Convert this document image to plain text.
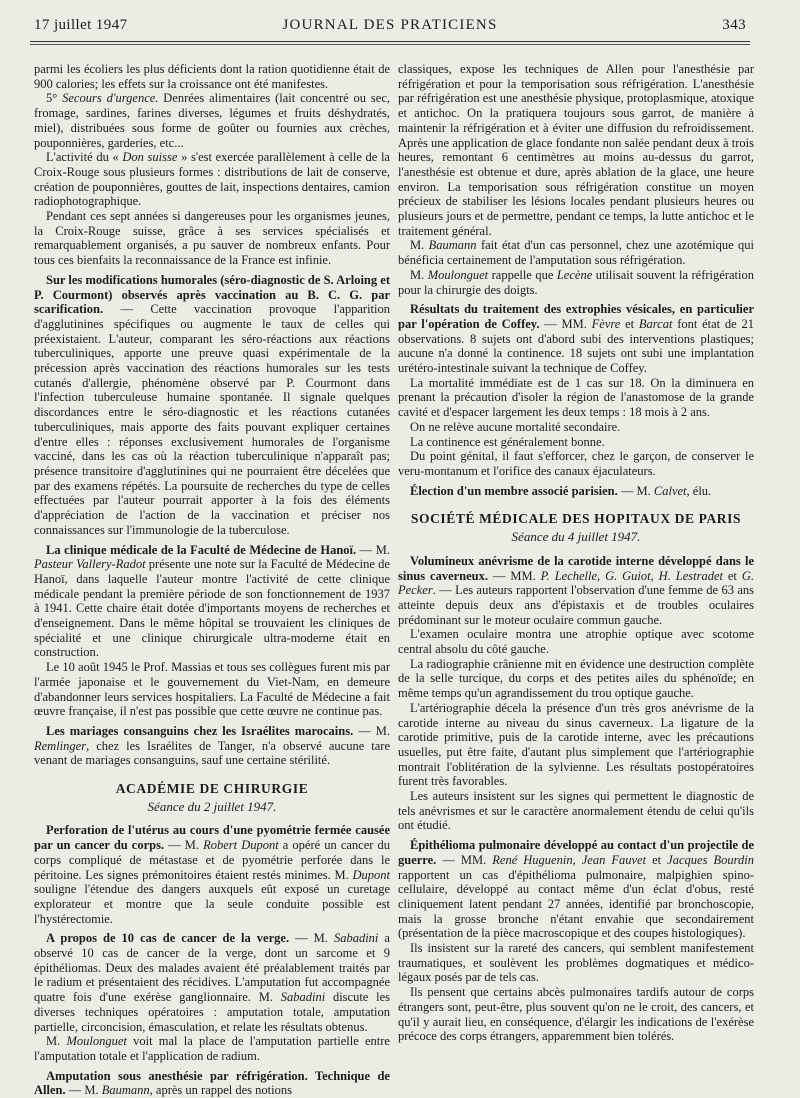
17 juillet 1947	JOURNAL DES PRATICIENS	343

parmi les écoliers les plus déficients dont la ration quotidienne était de 900 calories; les effets sur la croissance ont été manifestes.

5° Secours d'urgence. Denrées alimentaires (lait concentré ou sec, fromage, sardines, farines diverses, légumes et fruits déshydratés, miel), distribuées sous forme de goûter ou fournies aux crèches, pouponnières, garderies, etc...

L'activité du « Don suisse » s'est exercée parallèlement à celle de la Croix-Rouge sous plusieurs formes : distributions de lait de conserve, création de pouponnières, gouttes de lait, inspections dentaires, camion radiophotographique.

Pendant ces sept années si dangereuses pour les organismes jeunes, la Croix-Rouge suisse, grâce à ses services spécialisés et remarquablement organisés, a pu sauver de nombreux enfants. Pour tous ces bienfaits la reconnaissance de la France est infinie.

Sur les modifications humorales (séro-diagnostic de S. Arloing et P. Courmont) observés après vaccination au B. C. G. par scarification. — Cette vaccination provoque l'apparition d'agglutinines spécifiques ou augmente le taux de celles qui préexistaient. L'auteur, comparant les séro-réactions aux réactions tuberculiniques, apporte une preuve quasi expérimentale de la précession après vaccination des réactions humorales sur les tests cutanés d'allergie, phénomène observé par P. Courmont dans l'infection tuberculeuse humaine spontanée. Il signale quelques discordances entre le séro-diagnostic et les réactions cutanées tuberculiniques, mais apporte des faits pouvant expliquer certaines d'entre elles : réponses exclusivement humorales de l'organisme vacciné, dans les cas où la réaction tuberculinique n'apparaît pas; présence transitoire d'agglutinines qui ne pourraient être décelées que par des examens répétés. La poursuite de recherches du type de celles effectuées par l'auteur pourrait apporter à la fois des éléments d'appréciation de l'action de la vaccination et préciser nos connaissances sur l'immunologie de la tuberculose.

La clinique médicale de la Faculté de Médecine de Hanoï. — M. Pasteur Vallery-Radot présente une note sur la Faculté de Médecine de Hanoï, dans laquelle l'auteur montre l'activité de cette clinique médicale pendant la première période de son fonctionnement de 1937 à 1941. Cette chaire était dotée d'importants moyens de recherches et d'enseignement. Dans le même hôpital se trouvaient les cliniques de spécialité et une clinique chirurgicale ultra-moderne était en construction.

Le 10 août 1945 le Prof. Massias et tous ses collègues furent mis par l'armée japonaise et le gouvernement du Viet-Nam, en demeure d'abandonner leurs services hospitaliers. La Faculté de Médecine a fait œuvre française, il n'est pas possible que cette œuvre ne continue pas.

Les mariages consanguins chez les Israélites marocains. — M. Remlinger, chez les Israélites de Tanger, n'a observé aucune tare venant de mariages consanguins, sauf une certaine stérilité.

ACADÉMIE DE CHIRURGIE

Séance du 2 juillet 1947.

Perforation de l'utérus au cours d'une pyométrie fermée causée par un cancer du corps. — M. Robert Dupont a opéré un cancer du corps compliqué de métastase et de pyométrie perforée dans le péritoine. Les signes prémonitoires étaient restés minimes. M. Dupont souligne l'étendue des dangers auxquels eût exposé un curetage explorateur et montre que la seule conduite possible est l'hystérectomie.

A propos de 10 cas de cancer de la verge. — M. Sabadini a observé 10 cas de cancer de la verge, dont un sarcome et 9 épithéliomas. Deux des malades avaient été préalablement traités par le radium et présentaient des récidives. L'amputation fut accompagnée quatre fois d'une exérèse ganglionnaire. M. Sabadini discute les diverses techniques opératoires : amputation totale, amputation partielle, circoncision, émasculation, et relate les résultats obtenus.

M. Moulonguet voit mal la place de l'amputation partielle entre l'amputation totale et l'application de radium.

Amputation sous anesthésie par réfrigération. Technique de Allen. — M. Baumann, après un rappel des notions

classiques, expose les techniques de Allen pour l'anesthésie par réfrigération et pour la temporisation sous réfrigération. L'anesthésie par réfrigération est une anesthésie physique, protoplasmique, atoxique et antichoc. On la pratiquera toujours sous garrot, de manière à maintenir la réfrigération et à éviter une diffusion du refroidissement. Après une application de glace fondante non salée pendant deux à trois heures, remontant 6 centimètres au moins au-dessus du garrot, l'anesthésie est obtenue et dure, après ablation de la glace, une heure environ. La temporisation sous réfrigération constitue un moyen précieux de stabiliser les lésions locales pendant plusieurs heures ou plusieurs jours et de permettre, pendant ce temps, la lutte antichoc et le traitement général.

M. Baumann fait état d'un cas personnel, chez une azotémique qui bénéficia certainement de l'amputation sous réfrigération.

M. Moulonguet rappelle que Lecène utilisait souvent la réfrigération pour la chirurgie des doigts.

Résultats du traitement des extrophies vésicales, en particulier par l'opération de Coffey. — MM. Fèvre et Barcat font état de 21 observations. 8 sujets ont d'abord subi des interventions plastiques; aucune n'a donné la continence. 18 sujets ont subi une implantation urétéro-intestinale suivant la technique de Coffey.

La mortalité immédiate est de 1 cas sur 18. On la diminuera en prenant la précaution d'isoler la région de l'anastomose de la grande cavité et d'espacer largement les deux temps : 18 mois à 2 ans.

On ne relève aucune mortalité secondaire.

La continence est généralement bonne.

Du point génital, il faut s'efforcer, chez le garçon, de conserver le veru-montanum et l'orifice des canaux éjaculateurs.

Élection d'un membre associé parisien. — M. Calvet, élu.

SOCIÉTÉ MÉDICALE DES HOPITAUX DE PARIS

Séance du 4 juillet 1947.

Volumineux anévrisme de la carotide interne développé dans le sinus caverneux. — MM. P. Lechelle, G. Guiot, H. Lestradet et G. Pecker. — Les auteurs rapportent l'observation d'une femme de 63 ans atteinte depuis deux ans d'épistaxis et de troubles oculaires prédominant sur le moteur oculaire commun gauche.

L'examen oculaire montra une atrophie optique avec scotome central absolu du côté gauche.

La radiographie crânienne mit en évidence une destruction complète de la selle turcique, du corps et des petites ailes du sphénoïde; en même temps qu'un agrandissement du trou optique gauche.

L'artériographie décela la présence d'un très gros anévrisme de la carotide interne au niveau du sinus caverneux. La ligature de la carotide primitive, puis de la carotide interne, avec les précautions usuelles, put être faite, d'autant plus simplement que l'artériographie montrait l'oblitération de la sylvienne. Les résultats postopératoires furent très favorables.

Les auteurs insistent sur les signes qui permettent le diagnostic de tels anévrismes et sur le caractère anormalement étendu de celui qu'ils ont étudié.

Épithélioma pulmonaire développé au contact d'un projectile de guerre. — MM. René Huguenin, Jean Fauvet et Jacques Bourdin rapportent un cas d'épithélioma pulmonaire, malpighien spino-cellulaire, développé au contact même d'un éclat d'obus, resté cliniquement latent pendant 27 années, identifié par bronchoscopie, mais la grosse bronche n'étant envahie que secondairement (présentation de la pièce macroscopique et des coupes histologiques).

Ils insistent sur la rareté des cancers, qui semblent manifestement traumatiques, et soulèvent les problèmes dogmatiques et médico-légaux posés par de tels cas.

Ils pensent que certains abcès pulmonaires tardifs autour de corps étrangers sont, peut-être, plus souvent qu'on ne le croit, des cancers, et qu'il y aurait lieu, en conséquence, d'élargir les indications de l'exérèse précoce des corps étrangers, apparemment bien tolérés.
